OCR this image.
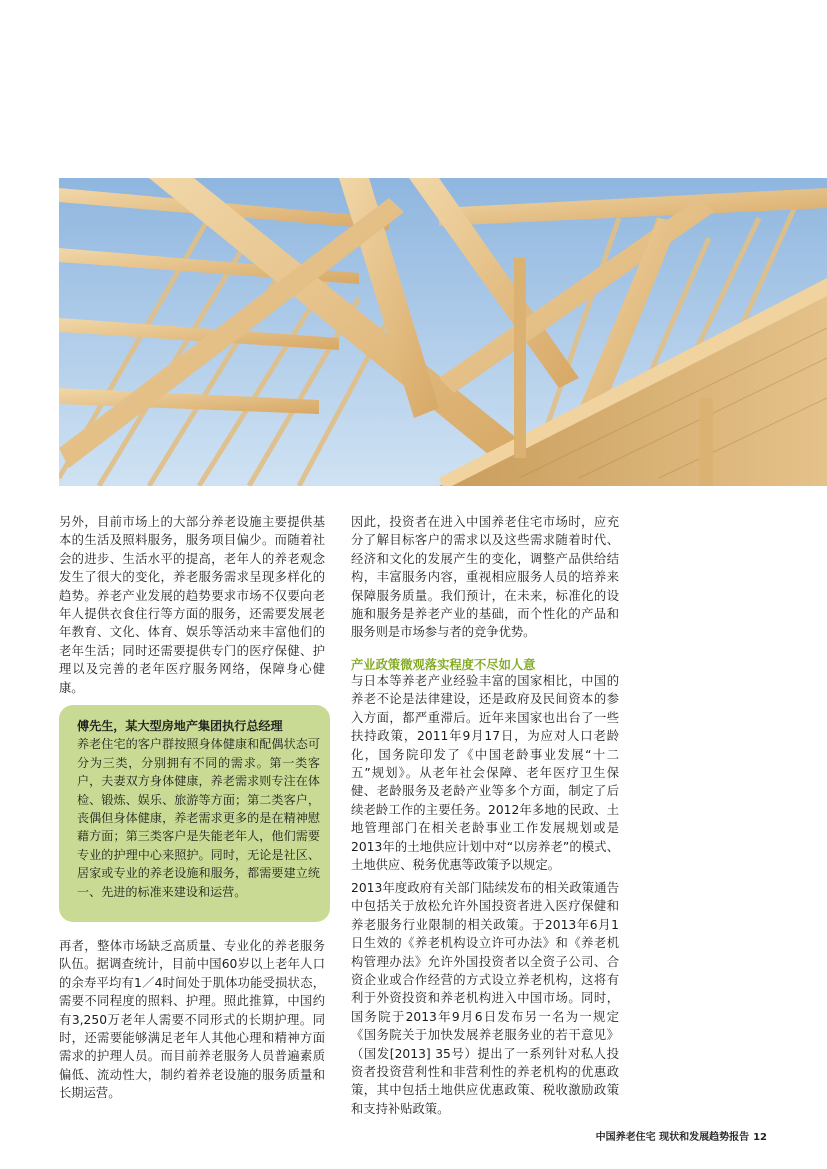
另外，目前市场上的大部分养老设施主要提供基本的生活及照料服务，服务项目偏少。而随着社会的进步、生活水平的提高，老年人的养老观念发生了很大的变化，养老服务需求呈现多样化的趋势。养老产业发展的趋势要求市场不仅要向老年人提供衣食住行等方面的服务，还需要发展老年教育、文化、体育、娱乐等活动来丰富他们的老年生活；同时还需要提供专门的医疗保健、护理以及完善的老年医疗服务网络，保障身心健康。

傅先生，某大型房地产集团执行总经理
养老住宅的客户群按照身体健康和配偶状态可分为三类，分别拥有不同的需求。第一类客户，夫妻双方身体健康，养老需求则专注在体检、锻炼、娱乐、旅游等方面；第二类客户，丧偶但身体健康，养老需求更多的是在精神慰藉方面；第三类客户是失能老年人，他们需要专业的护理中心来照护。同时，无论是社区、居家或专业的养老设施和服务，都需要建立统一、先进的标准来建设和运营。

再者，整体市场缺乏高质量、专业化的养老服务队伍。据调查统计，目前中国60岁以上老年人口的余寿平均有1／4时间处于肌体功能受损状态，需要不同程度的照料、护理。照此推算，中国约有3,250万老年人需要不同形式的长期护理。同时，还需要能够满足老年人其他心理和精神方面需求的护理人员。而目前养老服务人员普遍素质偏低、流动性大，制约着养老设施的服务质量和长期运营。

因此，投资者在进入中国养老住宅市场时，应充分了解目标客户的需求以及这些需求随着时代、经济和文化的发展产生的变化，调整产品供给结构，丰富服务内容，重视相应服务人员的培养来保障服务质量。我们预计，在未来，标准化的设施和服务是养老产业的基础，而个性化的产品和服务则是市场参与者的竞争优势。

产业政策微观落实程度不尽如人意

与日本等养老产业经验丰富的国家相比，中国的养老不论是法律建设，还是政府及民间资本的参入方面，都严重滞后。近年来国家也出台了一些扶持政策，2011年9月17日，为应对人口老龄化，国务院印发了《中国老龄事业发展“十二五”规划》。从老年社会保障、老年医疗卫生保健、老龄服务及老龄产业等多个方面，制定了后续老龄工作的主要任务。2012年多地的民政、土地管理部门在相关老龄事业工作发展规划或是2013年的土地供应计划中对“以房养老”的模式、土地供应、税务优惠等政策予以规定。

2013年度政府有关部门陆续发布的相关政策通告中包括关于放松允许外国投资者进入医疗保健和养老服务行业限制的相关政策。于2013年6月1日生效的《养老机构设立许可办法》和《养老机构管理办法》允许外国投资者以全资子公司、合资企业或合作经营的方式设立养老机构，这将有利于外资投资和养老机构进入中国市场。同时，国务院于2013年9月6日发布另一名为一规定《国务院关于加快发展养老服务业的若干意见》（国发[2013] 35号）提出了一系列针对私人投资者投资营利性和非营利性的养老机构的优惠政策，其中包括土地供应优惠政策、税收激励政策和支持补贴政策。

中国养老住宅 现状和发展趋势报告 12
